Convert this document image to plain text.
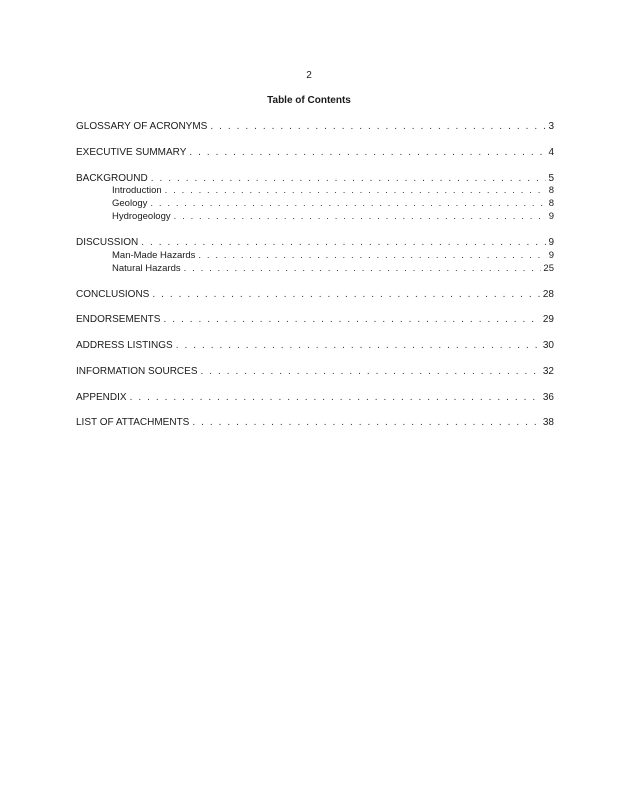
2
Table of Contents
GLOSSARY OF ACRONYMS . . .	3
EXECUTIVE SUMMARY . . .	4
BACKGROUND . . .	5
Introduction . . .	8
Geology . . .	8
Hydrogeology . . .	9
DISCUSSION . . .	9
Man-Made Hazards . . .	9
Natural Hazards . . .	25
CONCLUSIONS . . .	28
ENDORSEMENTS . . .	29
ADDRESS LISTINGS . . .	30
INFORMATION SOURCES . . .	32
APPENDIX . . .	36
LIST OF ATTACHMENTS . . .	38
